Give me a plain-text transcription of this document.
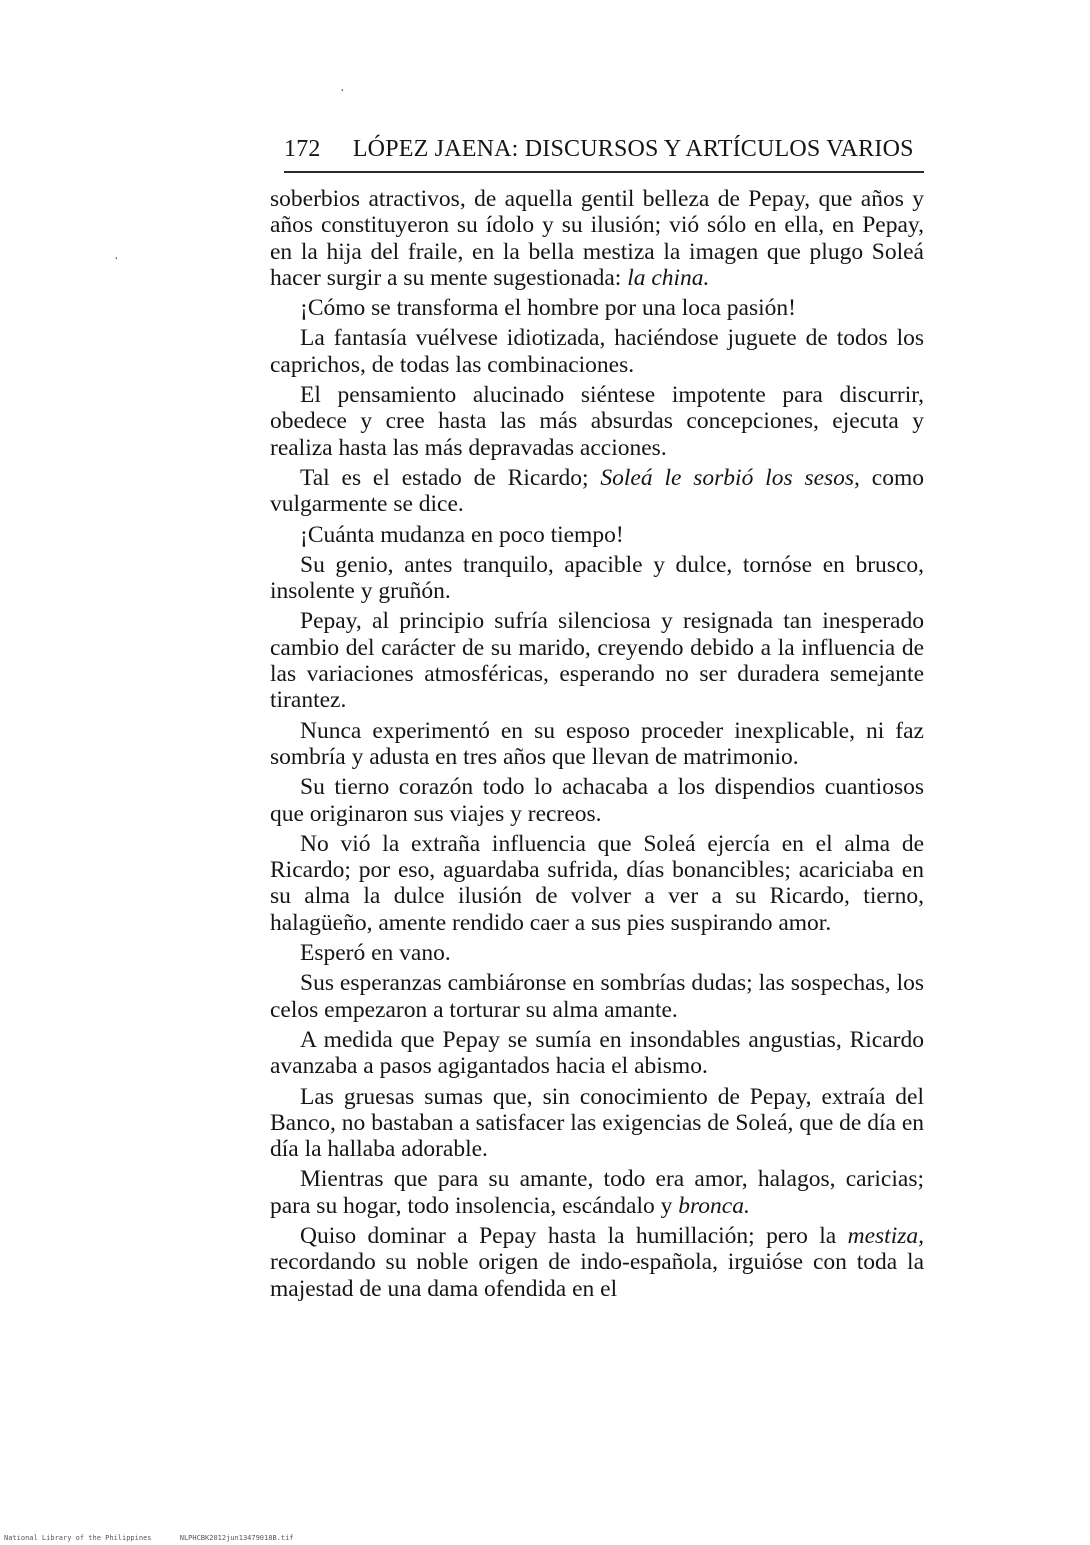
172 LÓPEZ JAENA: DISCURSOS Y ARTÍCULOS VARIOS

soberbios atractivos, de aquella gentil belleza de Pepay, que años y años constituyeron su ídolo y su ilusión; vió sólo en ella, en Pepay, en la hija del fraile, en la bella mestiza la imagen que plugo Soleá hacer surgir a su mente sugestionada: la china.

¡Cómo se transforma el hombre por una loca pasión!

La fantasía vuélvese idiotizada, haciéndose juguete de todos los caprichos, de todas las combinaciones.

El pensamiento alucinado siéntese impotente para discurrir, obedece y cree hasta las más absurdas concepciones, ejecuta y realiza hasta las más depravadas acciones.

Tal es el estado de Ricardo; Soleá le sorbió los sesos, como vulgarmente se dice.

¡Cuánta mudanza en poco tiempo!

Su genio, antes tranquilo, apacible y dulce, tornóse en brusco, insolente y gruñón.

Pepay, al principio sufría silenciosa y resignada tan inesperado cambio del carácter de su marido, creyendo debido a la influencia de las variaciones atmosféricas, esperando no ser duradera semejante tirantez.

Nunca experimentó en su esposo proceder inexplicable, ni faz sombría y adusta en tres años que llevan de matrimonio.

Su tierno corazón todo lo achacaba a los dispendios cuantiosos que originaron sus viajes y recreos.

No vió la extraña influencia que Soleá ejercía en el alma de Ricardo; por eso, aguardaba sufrida, días bonancibles; acariciaba en su alma la dulce ilusión de volver a ver a su Ricardo, tierno, halagüeño, amente rendido caer a sus pies suspirando amor.

Esperó en vano.

Sus esperanzas cambiáronse en sombrías dudas; las sospechas, los celos empezaron a torturar su alma amante.

A medida que Pepay se sumía en insondables angustias, Ricardo avanzaba a pasos agigantados hacia el abismo.

Las gruesas sumas que, sin conocimiento de Pepay, extraía del Banco, no bastaban a satisfacer las exigencias de Soleá, que de día en día la hallaba adorable.

Mientras que para su amante, todo era amor, halagos, caricias; para su hogar, todo insolencia, escándalo y bronca.

Quiso dominar a Pepay hasta la humillación; pero la mestiza, recordando su noble origen de indo-española, irguióse con toda la majestad de una dama ofendida en el

·
·
National Library of the Philippines	NLPHCBK2012jun13479018B.tif
